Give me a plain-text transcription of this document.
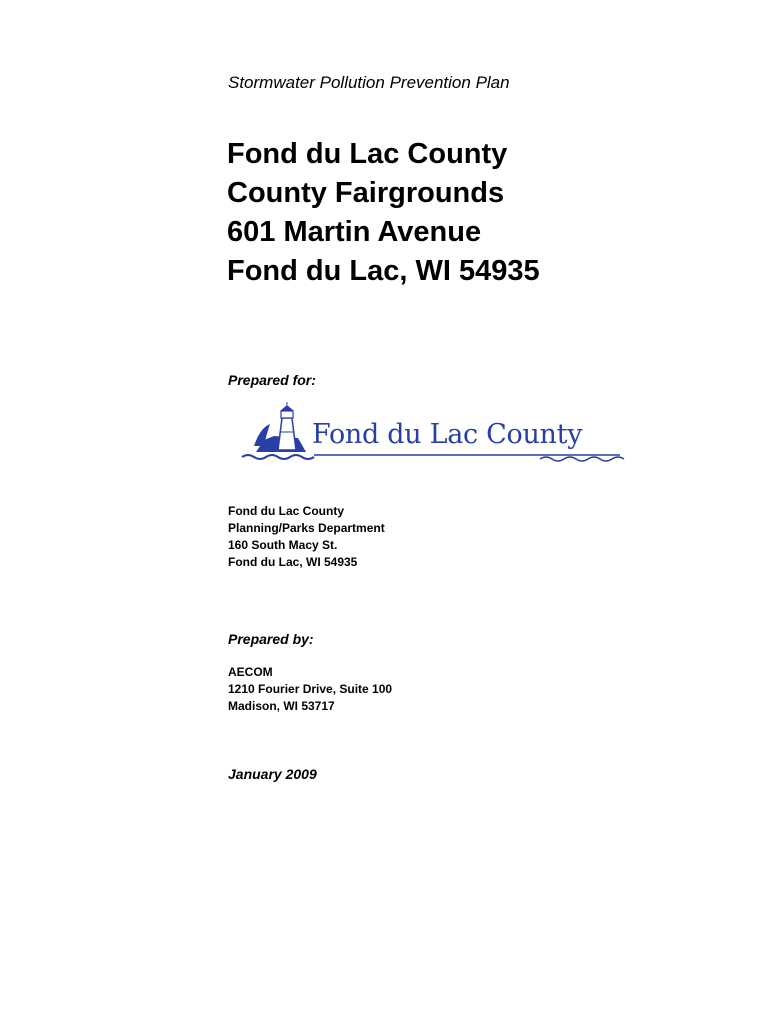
Stormwater Pollution Prevention Plan

Fond du Lac County
County Fairgrounds
601 Martin Avenue
Fond du Lac, WI 54935

Prepared for:

Fond du Lac County
Fond du Lac County
Planning/Parks Department
160 South Macy St.
Fond du Lac, WI 54935

Prepared by:

AECOM
1210 Fourier Drive, Suite 100
Madison, WI 53717

January 2009
